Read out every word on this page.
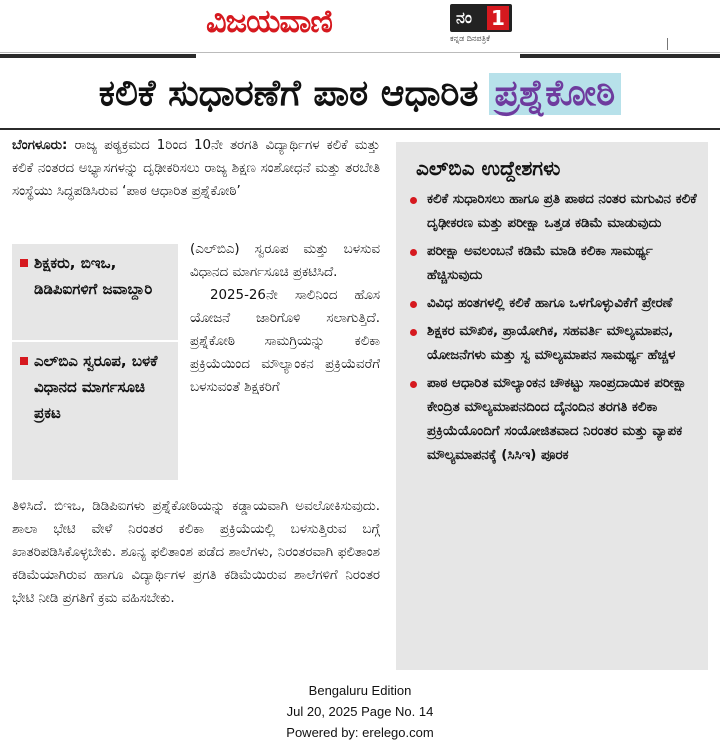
ವಿಜಯವಾಣಿ	ನಂ 1
ಕನ್ನಡ ದಿನಪತ್ರಿಕೆ
ಕಲಿಕೆ ಸುಧಾರಣೆಗೆ ಪಾಠ ಆಧಾರಿತ ಪ್ರಶ್ನೆಕೋಠಿ
ಬೆಂಗಳೂರು: ರಾಜ್ಯ ಪಠ್ಯಕ್ರಮದ 1ರಿಂದ 10ನೇ ತರಗತಿ ವಿದ್ಯಾರ್ಥಿಗಳ ಕಲಿಕೆ ಮತ್ತು ಕಲಿಕೆ ನಂತರದ ಅಭ್ಯಾಸಗಳನ್ನು ದೃಢೀಕರಿಸಲು ರಾಜ್ಯ ಶಿಕ್ಷಣ ಸಂಶೋಧನೆ ಮತ್ತು ತರಬೇತಿ ಸಂಸ್ಥೆಯು ಸಿದ್ಧಪಡಿಸಿರುವ ‘ಪಾಠ ಆಧಾರಿತ ಪ್ರಶ್ನೆಕೋಠಿ’
(ಎಲ್‌ಬಿಎ) ಸ್ವರೂಪ ಮತ್ತು ಬಳಸುವ ವಿಧಾನದ ಮಾರ್ಗಸೂಚಿ ಪ್ರಕಟಿಸಿದೆ.
2025-26ನೇ ಸಾಲಿನಿಂದ ಹೊಸ ಯೋಜನೆ ಜಾರಿಗೊಳಿ ಸಲಾಗುತ್ತಿದೆ. ಪ್ರಶ್ನೆಕೋಠಿ ಸಾಮಗ್ರಿಯನ್ನು ಕಲಿಕಾ ಪ್ರಕ್ರಿಯೆಯಿಂದ ಮೌಲ್ಯಾಂಕನ ಪ್ರಕ್ರಿಯೆವರೆಗೆ ಬಳಸುವಂತೆ ಶಿಕ್ಷಕರಿಗೆ
ತಿಳಿಸಿದೆ. ಬಿಇಒ, ಡಿಡಿಪಿಐಗಳು ಪ್ರಶ್ನೆಕೋಠಿಯನ್ನು ಕಡ್ಡಾಯವಾಗಿ ಅವಲೋಕಿಸುವುದು. ಶಾಲಾ ಭೇಟಿ ವೇಳೆ ನಿರಂತರ ಕಲಿಕಾ ಪ್ರಕ್ರಿಯೆಯಲ್ಲಿ ಬಳಸುತ್ತಿರುವ ಬಗ್ಗೆ ಖಾತರಿಪಡಿಸಿಕೊಳ್ಳಬೇಕು. ಶೂನ್ಯ ಫಲಿತಾಂಶ ಪಡೆದ ಶಾಲೆಗಳು, ನಿರಂತರವಾಗಿ ಫಲಿತಾಂಶ ಕಡಿಮೆಯಾಗಿರುವ ಹಾಗೂ ವಿದ್ಯಾರ್ಥಿಗಳ ಪ್ರಗತಿ ಕಡಿಮೆಯಿರುವ ಶಾಲೆಗಳಿಗೆ ನಿರಂತರ ಭೇಟಿ ನೀಡಿ ಪ್ರಗತಿಗೆ ಕ್ರಮ ವಹಿಸಬೇಕು.
ಶಿಕ್ಷಕರು, ಬಿಇಒ, ಡಿಡಿಪಿಐಗಳಿಗೆ ಜವಾಬ್ದಾರಿ
ಎಲ್‌ಬಿಎ ಸ್ವರೂಪ, ಬಳಕೆ ವಿಧಾನದ ಮಾರ್ಗಸೂಚಿ ಪ್ರಕಟ
ಎಲ್‌ಬಿಎ ಉದ್ದೇಶಗಳು
ಕಲಿಕೆ ಸುಧಾರಿಸಲು ಹಾಗೂ ಪ್ರತಿ ಪಾಠದ ನಂತರ ಮಗುವಿನ ಕಲಿಕೆ ದೃಢೀಕರಣ ಮತ್ತು ಪರೀಕ್ಷಾ ಒತ್ತಡ ಕಡಿಮೆ ಮಾಡುವುದು
ಪರೀಕ್ಷಾ ಅವಲಂಬನೆ ಕಡಿಮೆ ಮಾಡಿ ಕಲಿಕಾ ಸಾಮರ್ಥ್ಯ ಹೆಚ್ಚಿಸುವುದು
ವಿವಿಧ ಹಂತಗಳಲ್ಲಿ ಕಲಿಕೆ ಹಾಗೂ ಒಳಗೊಳ್ಳುವಿಕೆಗೆ ಪ್ರೇರಣೆ
ಶಿಕ್ಷಕರ ಮೌಖಿಕ, ಪ್ರಾಯೋಗಿಕ, ಸಹವರ್ತಿ ಮೌಲ್ಯಮಾಪನ, ಯೋಜನೆಗಳು ಮತ್ತು ಸ್ವ ಮೌಲ್ಯಮಾಪನ ಸಾಮರ್ಥ್ಯ ಹೆಚ್ಚಳ
ಪಾಠ ಆಧಾರಿತ ಮೌಲ್ಯಾಂಕನ ಚೌಕಟ್ಟು ಸಾಂಪ್ರದಾಯಿಕ ಪರೀಕ್ಷಾ ಕೇಂದ್ರಿತ ಮೌಲ್ಯಮಾಪನದಿಂದ ದೈನಂದಿನ ತರಗತಿ ಕಲಿಕಾ ಪ್ರಕ್ರಿಯೆಯೊಂದಿಗೆ ಸಂಯೋಜಿತವಾದ ನಿರಂತರ ಮತ್ತು ವ್ಯಾಪಕ ಮೌಲ್ಯಮಾಪನಕ್ಕೆ (ಸಿಸಿಇ) ಪೂರಕ
Bengaluru Edition
Jul 20, 2025 Page No. 14
Powered by: erelego.com
